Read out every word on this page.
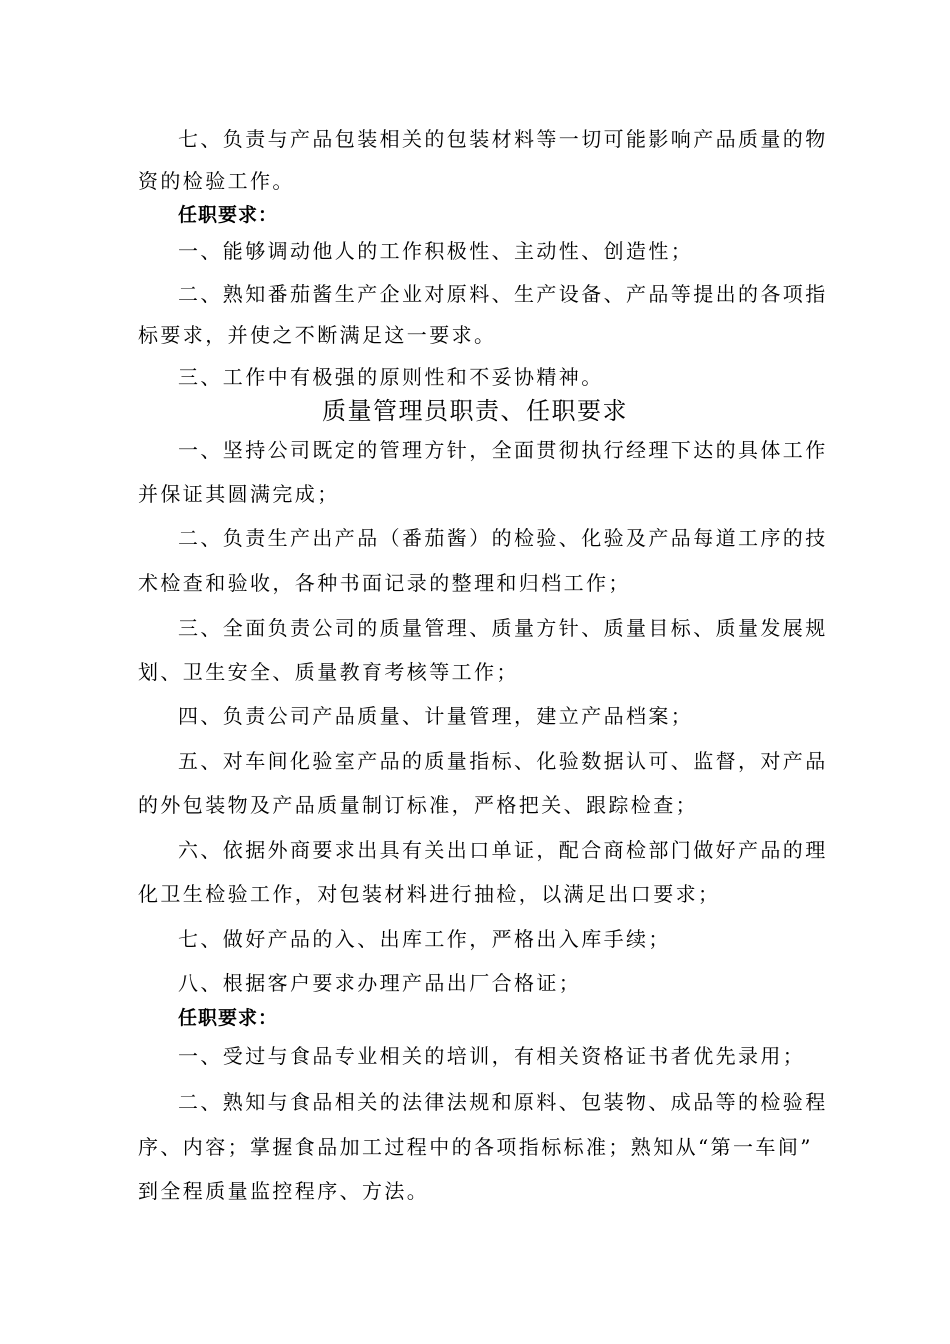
七、负责与产品包装相关的包装材料等一切可能影响产品质量的物
资的检验工作。
任职要求：
一、能够调动他人的工作积极性、主动性、创造性；
二、熟知番茄酱生产企业对原料、生产设备、产品等提出的各项指
标要求，并使之不断满足这一要求。
三、工作中有极强的原则性和不妥协精神。
质量管理员职责、任职要求
一、坚持公司既定的管理方针，全面贯彻执行经理下达的具体工作
并保证其圆满完成；
二、负责生产出产品（番茄酱）的检验、化验及产品每道工序的技
术检查和验收，各种书面记录的整理和归档工作；
三、全面负责公司的质量管理、质量方针、质量目标、质量发展规
划、卫生安全、质量教育考核等工作；
四、负责公司产品质量、计量管理，建立产品档案；
五、对车间化验室产品的质量指标、化验数据认可、监督，对产品
的外包装物及产品质量制订标准，严格把关、跟踪检查；
六、依据外商要求出具有关出口单证，配合商检部门做好产品的理
化卫生检验工作，对包装材料进行抽检，以满足出口要求；
七、做好产品的入、出库工作，严格出入库手续；
八、根据客户要求办理产品出厂合格证；
任职要求：
一、受过与食品专业相关的培训，有相关资格证书者优先录用；
二、熟知与食品相关的法律法规和原料、包装物、成品等的检验程
序、内容；掌握食品加工过程中的各项指标标准；熟知从“第一车间”
到全程质量监控程序、方法。
